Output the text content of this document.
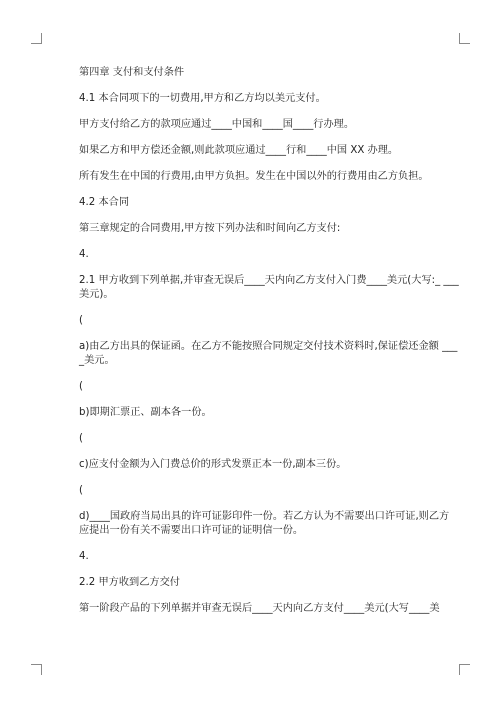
第四章 支付和支付条件

4.1 本合同项下的一切费用,甲方和乙方均以美元支付。

甲方支付给乙方的款项应通过____中国和____国____行办理。

如果乙方和甲方偿还金额,则此款项应通过____行和____中国 XX 办理。

所有发生在中国的行费用,由甲方负担。发生在中国以外的行费用由乙方负担。

4.2 本合同

第三章规定的合同费用,甲方按下列办法和时间向乙方支付:

4.

2.1 甲方收到下列单据,并审查无误后____天内向乙方支付入门费____美元(大写:_ ___美元)。

(

a)由乙方出具的保证函。在乙方不能按照合同规定交付技术资料时,保证偿还金额 ____美元。

(

b)即期汇票正、副本各一份。

(

c)应支付金额为入门费总价的形式发票正本一份,副本三份。

(

d)____国政府当局出具的许可证影印件一份。若乙方认为不需要出口许可证,则乙方应提出一份有关不需要出口许可证的证明信一份。

4.

2.2 甲方收到乙方交付

第一阶段产品的下列单据并审查无误后____天内向乙方支付____美元(大写____美
